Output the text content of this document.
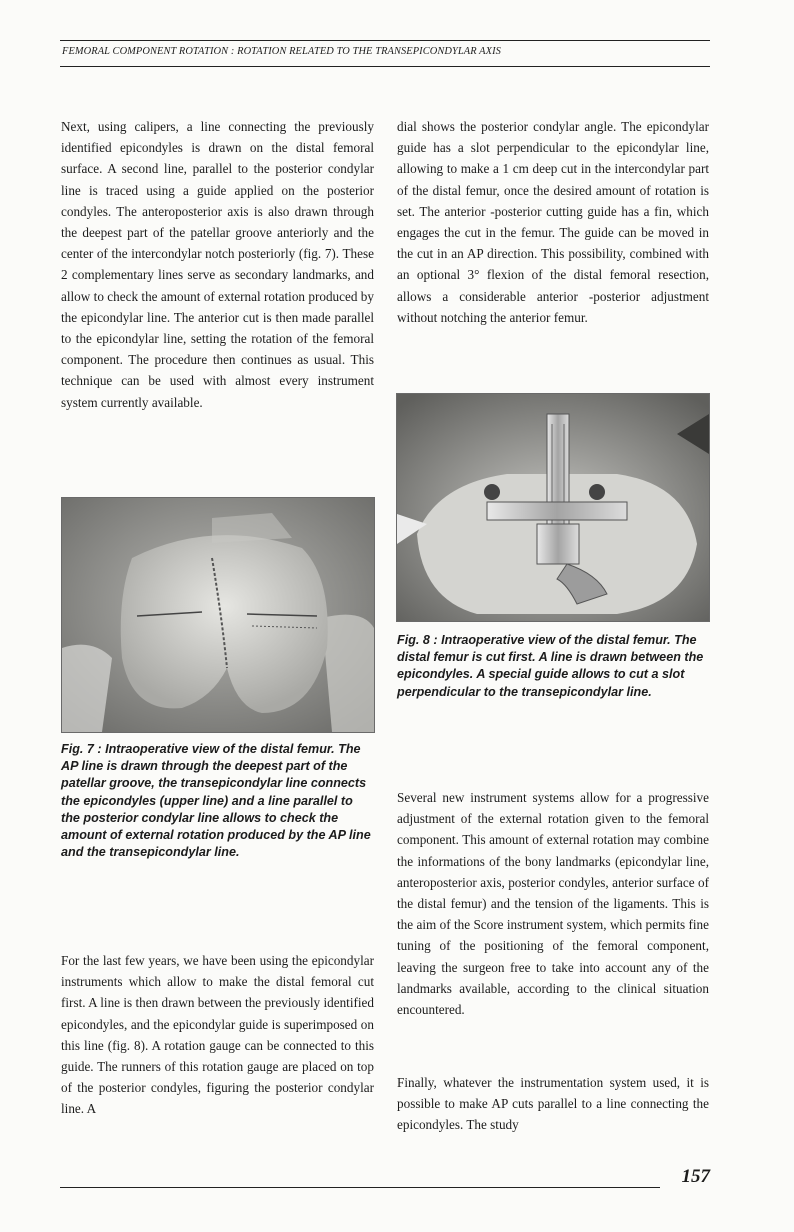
FEMORAL COMPONENT ROTATION : ROTATION RELATED TO THE TRANSEPICONDYLAR AXIS

Next, using calipers, a line connecting the previously identified epicondyles is drawn on the distal femoral surface. A second line, parallel to the posterior condylar line is traced using a guide applied on the posterior condyles. The anteroposterior axis is also drawn through the deepest part of the patellar groove anteriorly and the center of the intercondylar notch posteriorly (fig. 7). These 2 complementary lines serve as secondary landmarks, and allow to check the amount of external rotation produced by the epicondylar line. The anterior cut is then made parallel to the epicondylar line, setting the rotation of the femoral component. The procedure then continues as usual. This technique can be used with almost every instrument system currently available.

Fig. 7 : Intraoperative view of the distal femur. The AP line is drawn through the deepest part of the patellar groove, the transepicondylar line connects the epicondyles (upper line) and a line parallel to the posterior condylar line allows to check the amount of external rotation produced by the AP line and the transepicondylar line.

For the last few years, we have been using the epicondylar instruments which allow to make the distal femoral cut first. A line is then drawn between the previously identified epicondyles, and the epicondylar guide is superimposed on this line (fig. 8). A rotation gauge can be connected to this guide. The runners of this rotation gauge are placed on top of the posterior condyles, figuring the posterior condylar line. A

dial shows the posterior condylar angle. The epicondylar guide has a slot perpendicular to the epicondylar line, allowing to make a 1 cm deep cut in the intercondylar part of the distal femur, once the desired amount of rotation is set. The anterior -posterior cutting guide has a fin, which engages the cut in the femur. The guide can be moved in the cut in an AP direction. This possibility, combined with an optional 3° flexion of the distal femoral resection, allows a considerable anterior -posterior adjustment without notching the anterior femur.

Fig. 8 : Intraoperative view of the distal femur. The distal femur is cut first. A line is drawn between the epicondyles. A special guide allows to cut a slot perpendicular to the transepicondylar line.

Several new instrument systems allow for a progressive adjustment of the external rotation given to the femoral component. This amount of external rotation may combine the informations of the bony landmarks (epicondylar line, anteroposterior axis, posterior condyles, anterior surface of the distal femur) and the tension of the ligaments. This is the aim of the Score instrument system, which permits fine tuning of the positioning of the femoral component, leaving the surgeon free to take into account any of the landmarks available, according to the clinical situation encountered.

Finally, whatever the instrumentation system used, it is possible to make AP cuts parallel to a line connecting the epicondyles. The study

157
